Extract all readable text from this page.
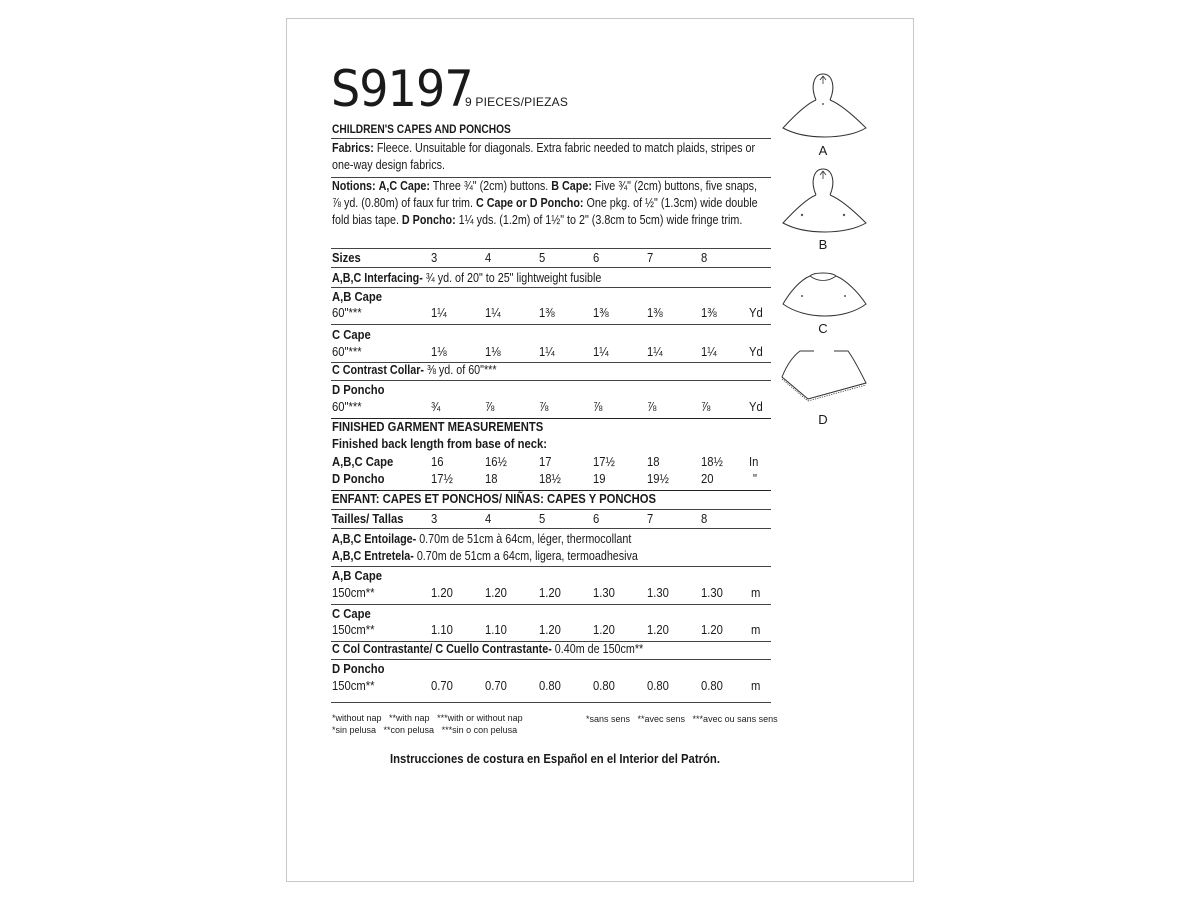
S9197
9 PIECES/PIEZAS
CHILDREN'S CAPES AND PONCHOS
Fabrics: Fleece. Unsuitable for diagonals. Extra fabric needed to match plaids, stripes or one-way design fabrics.
Notions: A,C Cape: Three ¾" (2cm) buttons. B Cape: Five ¾" (2cm) buttons, five snaps, ⅞ yd. (0.80m) of faux fur trim. C Cape or D Poncho: One pkg. of ½" (1.3cm) wide double fold bias tape. D Poncho: 1¼ yds. (1.2m) of 1½" to 2" (3.8cm to 5cm) wide fringe trim.
Sizes	3	4	5	6	7	8
A,B,C Interfacing- ¾ yd. of 20" to 25" lightweight fusible
A,B Cape
60"***	1¼	1¼	1⅜	1⅜	1⅜	1⅜	Yd
C Cape
60"***	1⅛	1⅛	1¼	1¼	1¼	1¼	Yd
C Contrast Collar- ⅜ yd. of 60"***
D Poncho
60"***	¾	⅞	⅞	⅞	⅞	⅞	Yd
FINISHED GARMENT MEASUREMENTS
Finished back length from base of neck:
A,B,C Cape	16	16½	17	17½	18	18½ In
D Poncho	17½	18	18½	19	19½	20	"
ENFANT: CAPES ET PONCHOS/ NIÑAS: CAPES Y PONCHOS
Tailles/ Tallas 3	4	5	6	7	8
A,B,C Entoilage- 0.70m de 51cm à 64cm, léger, thermocollant
A,B,C Entretela- 0.70m de 51cm a 64cm, ligera, termoadhesiva
A,B Cape
150cm**	1.20	1.20	1.20	1.30	1.30	1.30 m
C Cape
150cm**	1.10	1.10	1.20	1.20	1.20	1.20 m
C Col Contrastante/ C Cuello Contrastante- 0.40m de 150cm**
D Poncho
150cm**	0.70	0.70	0.80	0.80	0.80	0.80 m
*without nap   **with nap   ***with or without nap
*sin pelusa   **con pelusa   ***sin o con pelusa
*sans sens   **avec sens   ***avec ou sans sens
Instrucciones de costura en Español en el Interior del Patrón.
A
B
C
D
